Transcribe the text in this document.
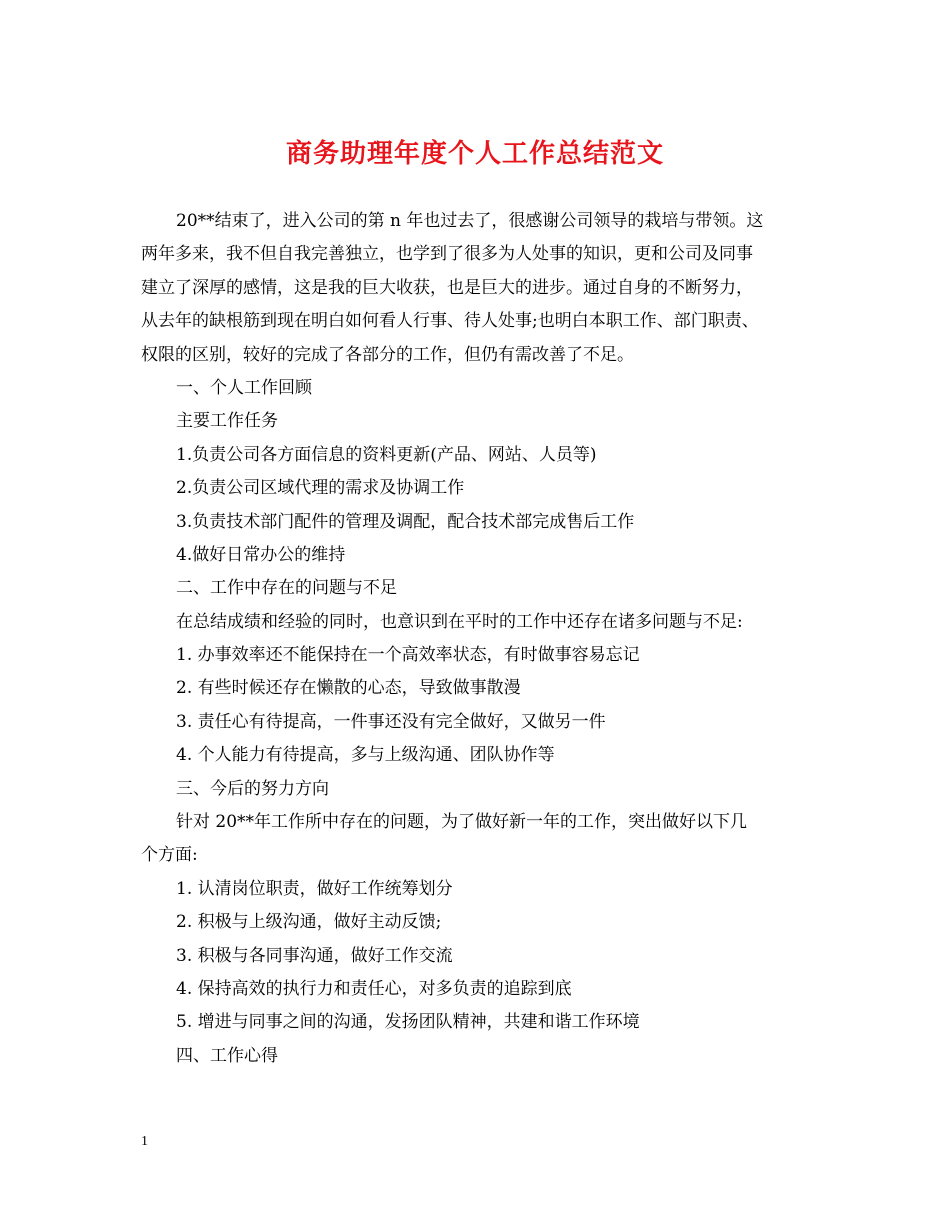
商务助理年度个人工作总结范文
20**结束了，进入公司的第 n 年也过去了，很感谢公司领导的栽培与带领。这
两年多来，我不但自我完善独立，也学到了很多为人处事的知识，更和公司及同事
建立了深厚的感情，这是我的巨大收获，也是巨大的进步。通过自身的不断努力，
从去年的缺根筋到现在明白如何看人行事、待人处事;也明白本职工作、部门职责、
权限的区别，较好的完成了各部分的工作，但仍有需改善了不足。
一、个人工作回顾
主要工作任务
1.负责公司各方面信息的资料更新(产品、网站、人员等)
2.负责公司区域代理的需求及协调工作
3.负责技术部门配件的管理及调配，配合技术部完成售后工作
4.做好日常办公的维持
二、工作中存在的问题与不足
在总结成绩和经验的同时，也意识到在平时的工作中还存在诸多问题与不足:
1. 办事效率还不能保持在一个高效率状态，有时做事容易忘记
2. 有些时候还存在懒散的心态，导致做事散漫
3. 责任心有待提高，一件事还没有完全做好，又做另一件
4. 个人能力有待提高，多与上级沟通、团队协作等
三、今后的努力方向
针对 20**年工作所中存在的问题，为了做好新一年的工作，突出做好以下几
个方面:
1. 认清岗位职责，做好工作统筹划分
2. 积极与上级沟通，做好主动反馈;
3. 积极与各同事沟通，做好工作交流
4. 保持高效的执行力和责任心，对多负责的追踪到底
5. 增进与同事之间的沟通，发扬团队精神，共建和谐工作环境
四、工作心得
1
